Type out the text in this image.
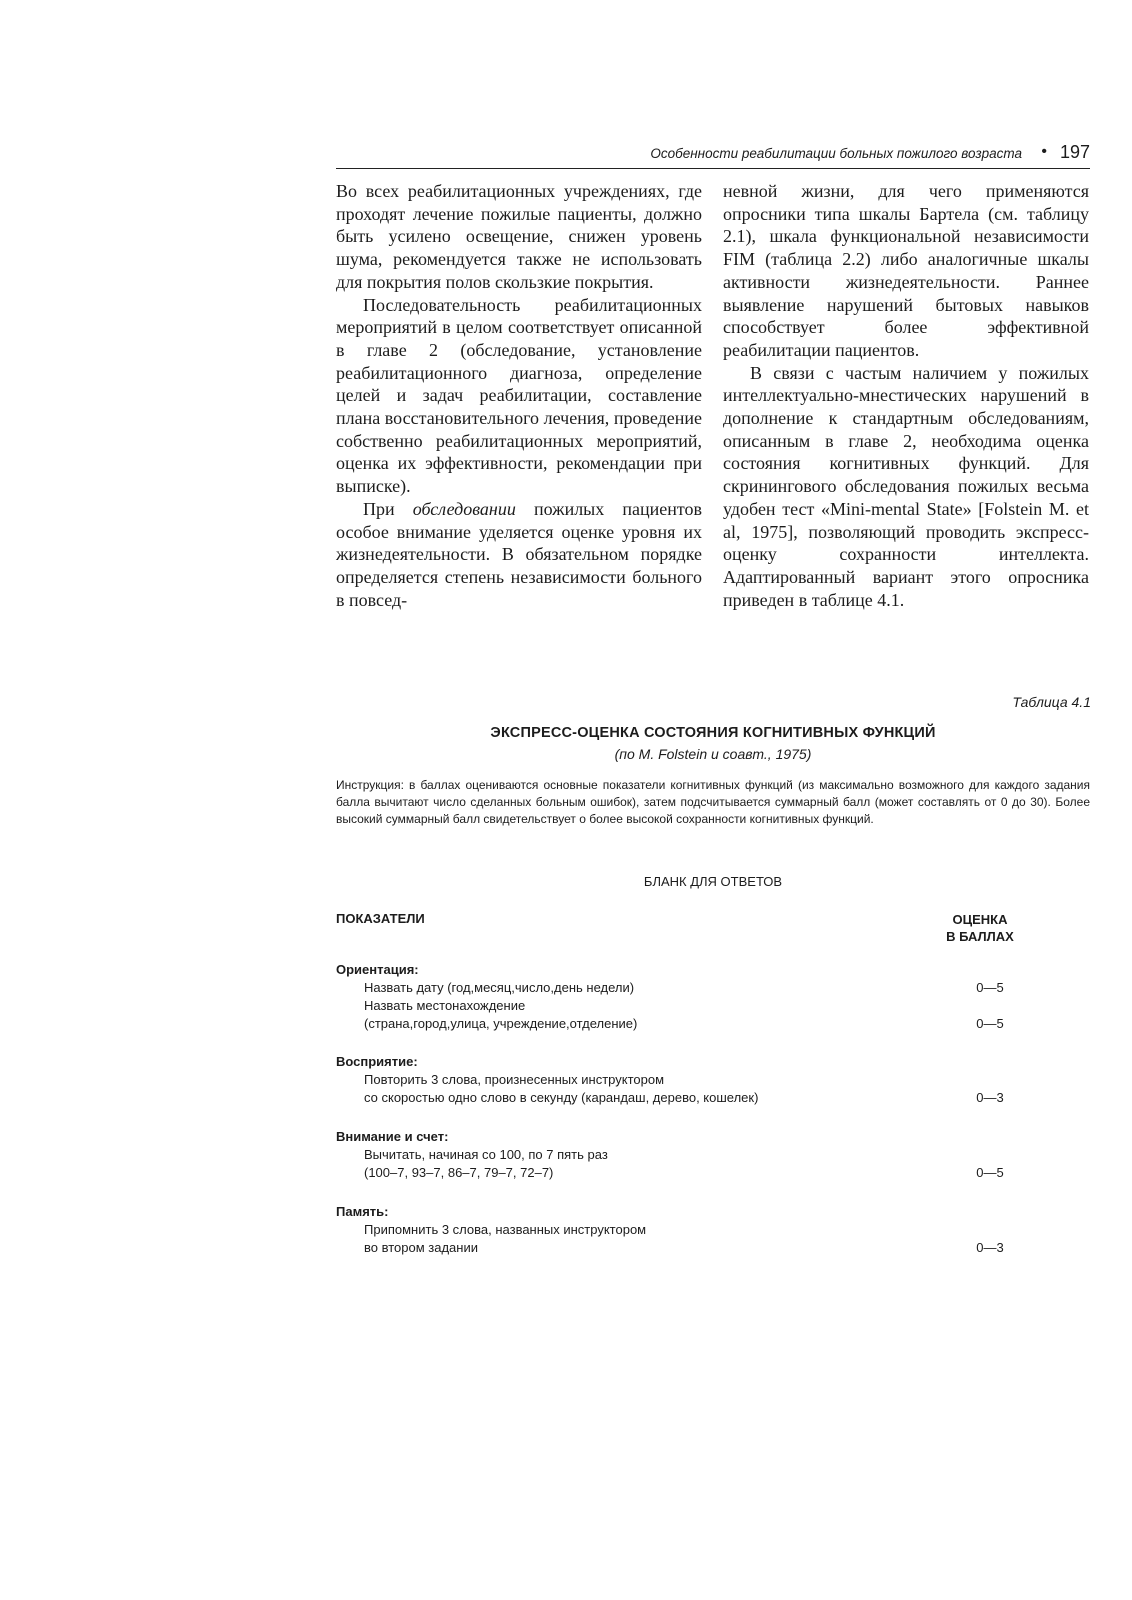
Особенности реабилитации больных пожилого возраста • 197

Во всех реабилитационных учреждениях, где проходят лечение пожилые пациенты, должно быть усилено освещение, снижен уровень шума, рекомендуется также не использовать для покрытия полов скользкие покрытия.

Последовательность реабилитационных мероприятий в целом соответствует описанной в главе 2 (обследование, установление реабилитационного диагноза, определение целей и задач реабилитации, составление плана восстановительного лечения, проведение собственно реабилитационных мероприятий, оценка их эффективности, рекомендации при выписке).

При обследовании пожилых пациентов особое внимание уделяется оценке уровня их жизнедеятельности. В обязательном порядке определяется степень независимости больного в повсед-

невной жизни, для чего применяются опросники типа шкалы Бартела (см. таблицу 2.1), шкала функциональной независимости FIM (таблица 2.2) либо аналогичные шкалы активности жизнедеятельности. Раннее выявление нарушений бытовых навыков способствует более эффективной реабилитации пациентов.

В связи с частым наличием у пожилых интеллектуально-мнестических нарушений в дополнение к стандартным обследованиям, описанным в главе 2, необходима оценка состояния когнитивных функций. Для скринингового обследования пожилых весьма удобен тест «Mini-mental State» [Folstein M. et al, 1975], позволяющий проводить экспресс-оценку сохранности интеллекта. Адаптированный вариант этого опросника приведен в таблице 4.1.

Таблица 4.1
ЭКСПРЕСС-ОЦЕНКА СОСТОЯНИЯ КОГНИТИВНЫХ ФУНКЦИЙ
(по M. Folstein и соавт., 1975)

Инструкция: в баллах оцениваются основные показатели когнитивных функций (из максимально возможного для каждого задания балла вычитают число сделанных больным ошибок), затем подсчитывается суммарный балл (может составлять от 0 до 30). Более высокий суммарный балл свидетельствует о более высокой сохранности когнитивных функций.

БЛАНК ДЛЯ ОТВЕТОВ
ПОКАЗАТЕЛИ	ОЦЕНКА
В БАЛЛАХ
Ориентация:
Назвать дату (год,месяц,число,день недели)	0—5
Назвать местонахождение
(страна,город,улица, учреждение,отделение)	0—5
Восприятие:
Повторить 3 слова, произнесенных инструктором
со скоростью одно слово в секунду (карандаш, дерево, кошелек)	0—3
Внимание и счет:
Вычитать, начиная со 100, по 7 пять раз
(100–7, 93–7, 86–7, 79–7, 72–7)	0—5
Память:
Припомнить 3 слова, названных инструктором
во втором задании	0—3
